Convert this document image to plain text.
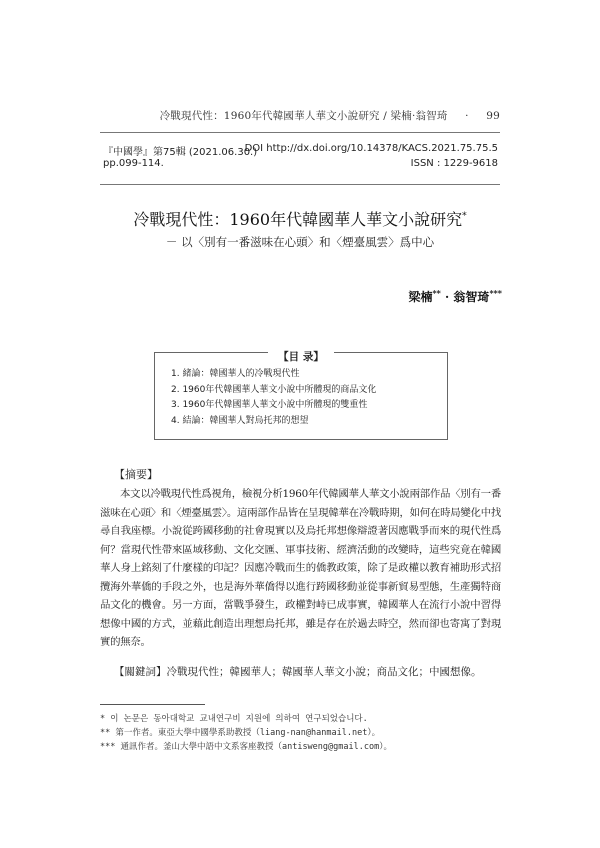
冷戰現代性：1960年代韓國華人華文小說研究 / 梁楠·翁智琦 · 99
『中國學』第75輯 (2021.06.30.)
pp.099-114.
DOI http://dx.doi.org/10.14378/KACS.2021.75.75.5
ISSN : 1229-9618
冷戰現代性：1960年代韓國華人華文小說研究*
－ 以〈別有一番滋味在心頭〉和〈煙臺風雲〉爲中心
梁楠** · 翁智琦***
【目 录】
1. 緒論：韓國華人的冷戰現代性
2. 1960年代韓國華人華文小說中所體現的商品文化
3. 1960年代韓國華人華文小說中所體現的雙重性
4. 結論：韓國華人對烏托邦的想望
【摘要】

本文以冷戰現代性爲視角，檢視分析1960年代韓國華人華文小說兩部作品〈別有一番滋味在心頭〉和〈煙臺風雲〉。這兩部作品皆在呈現韓華在冷戰時期，如何在時局變化中找尋自我座標。小說從跨國移動的社會現實以及烏托邦想像辯證著因應戰爭而來的現代性爲何？當現代性帶來區域移動、文化交匯、軍事技術、經濟活動的改變時，這些究竟在韓國華人身上銘刻了什麼樣的印記？因應冷戰而生的僑教政策，除了是政權以教育補助形式招攬海外華僑的手段之外，也是海外華僑得以進行跨國移動並從事新貿易型態，生產獨特商品文化的機會。另一方面，當戰爭發生，政權對峙已成事實，韓國華人在流行小說中習得想像中國的方式，並藉此創造出理想烏托邦，雖是存在於過去時空，然而卻也寄寓了對現實的無奈。

【關鍵詞】冷戰現代性；韓國華人；韓國華人華文小說；商品文化；中國想像。
* 이 논문은 동아대학교 교내연구비 지원에 의하여 연구되었습니다.
** 第一作者。東亞大學中國學系助教授（liang-nan@hanmail.net）。
*** 通訊作者。釜山大學中語中文系客座教授（antisweng@gmail.com）。
